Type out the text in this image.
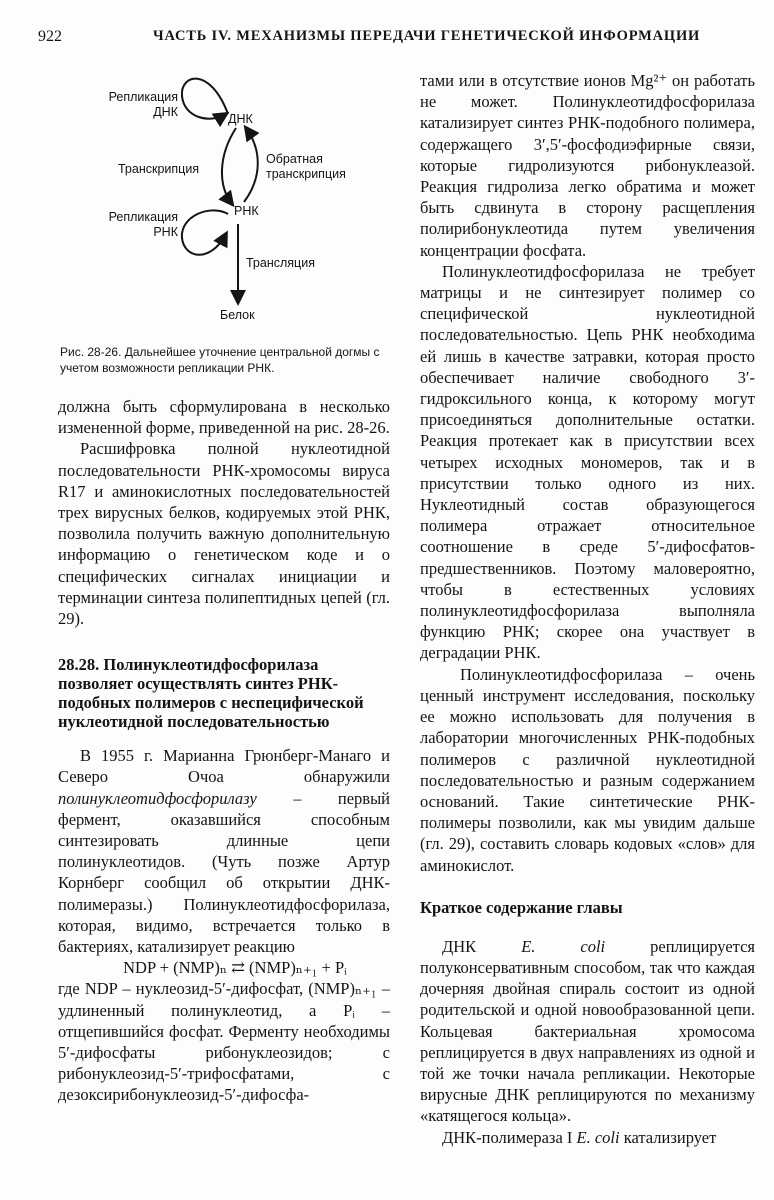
922	ЧАСТЬ IV. МЕХАНИЗМЫ ПЕРЕДАЧИ ГЕНЕТИЧЕСКОЙ ИНФОРМАЦИИ
Репликация ДНК	ДНК
Транскрипция
Обратная транскрипция
Репликация РНК
РНК
Трансляция
Белок
Рис. 28-26. Дальнейшее уточнение центральной догмы с учетом возможности репликации РНК.

должна быть сформулирована в несколько измененной форме, приведенной на рис. 28-26.

Расшифровка полной нуклеотидной последовательности РНК-хромосомы вируса R17 и аминокислотных последовательностей трех вирусных белков, кодируемых этой РНК, позволила получить важную дополнительную информацию о генетическом коде и о специфических сигналах инициации и терминации синтеза полипептидных цепей (гл. 29).

28.28. Полинуклеотидфосфорилаза позволяет осуществлять синтез РНК-подобных полимеров с неспецифической нуклеотидной последовательностью

В 1955 г. Марианна Грюнберг-Манаго и Северо Очоа обнаружили полинуклеотидфосфорилазу – первый фермент, оказавшийся способным синтезировать длинные цепи полинуклеотидов. (Чуть позже Артур Корнберг сообщил об открытии ДНК-полимеразы.) Полинуклеотидфосфорилаза, которая, видимо, встречается только в бактериях, катализирует реакцию

NDP + (NMP)ₙ ⇄ (NMP)ₙ₊₁ + Pᵢ

где NDP – нуклеозид-5′-дифосфат, (NMP)ₙ₊₁ – удлиненный полинуклеотид, а Pᵢ – отщепившийся фосфат. Ферменту необходимы 5′-дифосфаты рибонуклеозидов; с рибонуклеозид-5′-трифосфатами, с дезоксирибонуклеозид-5′-дифосфа-

тами или в отсутствие ионов Mg²⁺ он работать не может. Полинуклеотидфосфорилаза катализирует синтез РНК-подобного полимера, содержащего 3′,5′-фосфодиэфирные связи, которые гидролизуются рибонуклеазой. Реакция гидролиза легко обратима и может быть сдвинута в сторону расщепления полирибонуклеотида путем увеличения концентрации фосфата.

Полинуклеотидфосфорилаза не требует матрицы и не синтезирует полимер со специфической нуклеотидной последовательностью. Цепь РНК необходима ей лишь в качестве затравки, которая просто обеспечивает наличие свободного 3′-гидроксильного конца, к которому могут присоединяться дополнительные остатки. Реакция протекает как в присутствии всех четырех исходных мономеров, так и в присутствии только одного из них. Нуклеотидный состав образующегося полимера отражает относительное соотношение в среде 5′-дифосфатов-предшественников. Поэтому маловероятно, чтобы в естественных условиях полинуклеотидфосфорилаза выполняла функцию РНК; скорее она участвует в деградации РНК.

Полинуклеотидфосфорилаза – очень ценный инструмент исследования, поскольку ее можно использовать для получения в лаборатории многочисленных РНК-подобных полимеров с различной нуклеотидной последовательностью и разным содержанием оснований. Такие синтетические РНК-полимеры позволили, как мы увидим дальше (гл. 29), составить словарь кодовых «слов» для аминокислот.

Краткое содержание главы

ДНК E. coli реплицируется полуконсервативным способом, так что каждая дочерняя двойная спираль состоит из одной родительской и одной новообразованной цепи. Кольцевая бактериальная хромосома реплицируется в двух направлениях из одной и той же точки начала репликации. Некоторые вирусные ДНК реплицируются по механизму «катящегося кольца».

ДНК-полимераза I E. coli катализирует
